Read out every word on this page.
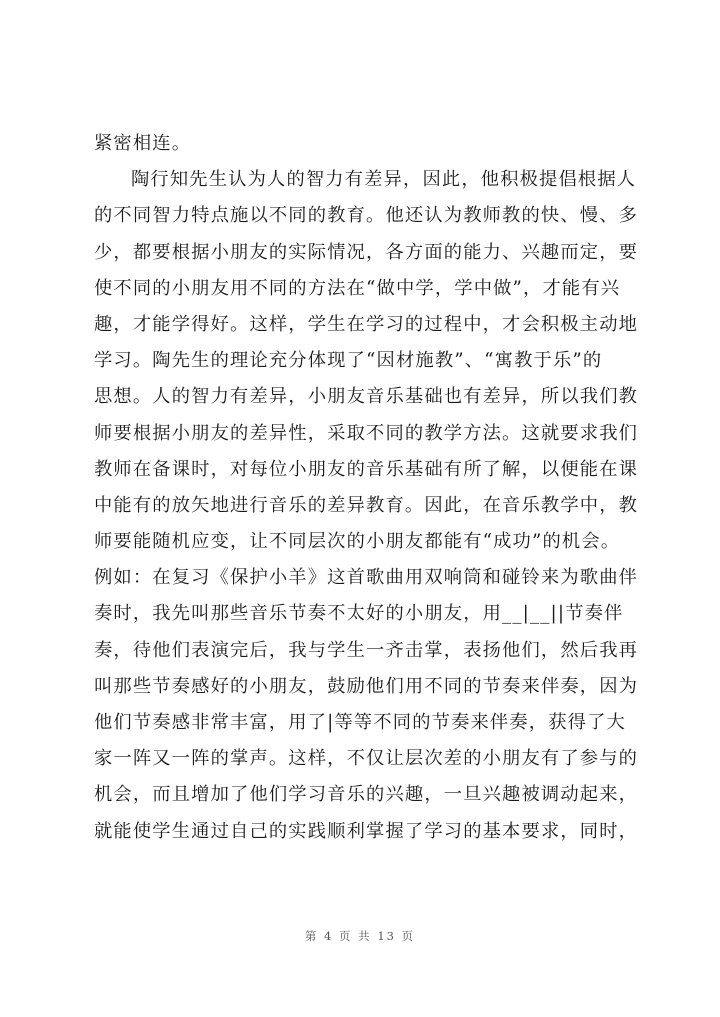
紧密相连。
陶行知先生认为人的智力有差异，因此，他积极提倡根据人
的不同智力特点施以不同的教育。他还认为教师教的快、慢、多
少，都要根据小朋友的实际情况，各方面的能力、兴趣而定，要
使不同的小朋友用不同的方法在“做中学，学中做”，才能有兴
趣，才能学得好。这样，学生在学习的过程中，才会积极主动地
学习。陶先生的理论充分体现了“因材施教”、“寓教于乐”的
思想。人的智力有差异，小朋友音乐基础也有差异，所以我们教
师要根据小朋友的差异性，采取不同的教学方法。这就要求我们
教师在备课时，对每位小朋友的音乐基础有所了解，以便能在课
中能有的放矢地进行音乐的差异教育。因此，在音乐教学中，教
师要能随机应变，让不同层次的小朋友都能有“成功”的机会。
例如：在复习《保护小羊》这首歌曲用双响筒和碰铃来为歌曲伴
奏时，我先叫那些音乐节奏不太好的小朋友，用__|__||节奏伴
奏，待他们表演完后，我与学生一齐击掌，表扬他们，然后我再
叫那些节奏感好的小朋友，鼓励他们用不同的节奏来伴奏，因为
他们节奏感非常丰富，用了|等等不同的节奏来伴奏，获得了大
家一阵又一阵的掌声。这样，不仅让层次差的小朋友有了参与的
机会，而且增加了他们学习音乐的兴趣，一旦兴趣被调动起来，
就能使学生通过自己的实践顺利掌握了学习的基本要求，同时，
第 4 页 共 13 页
